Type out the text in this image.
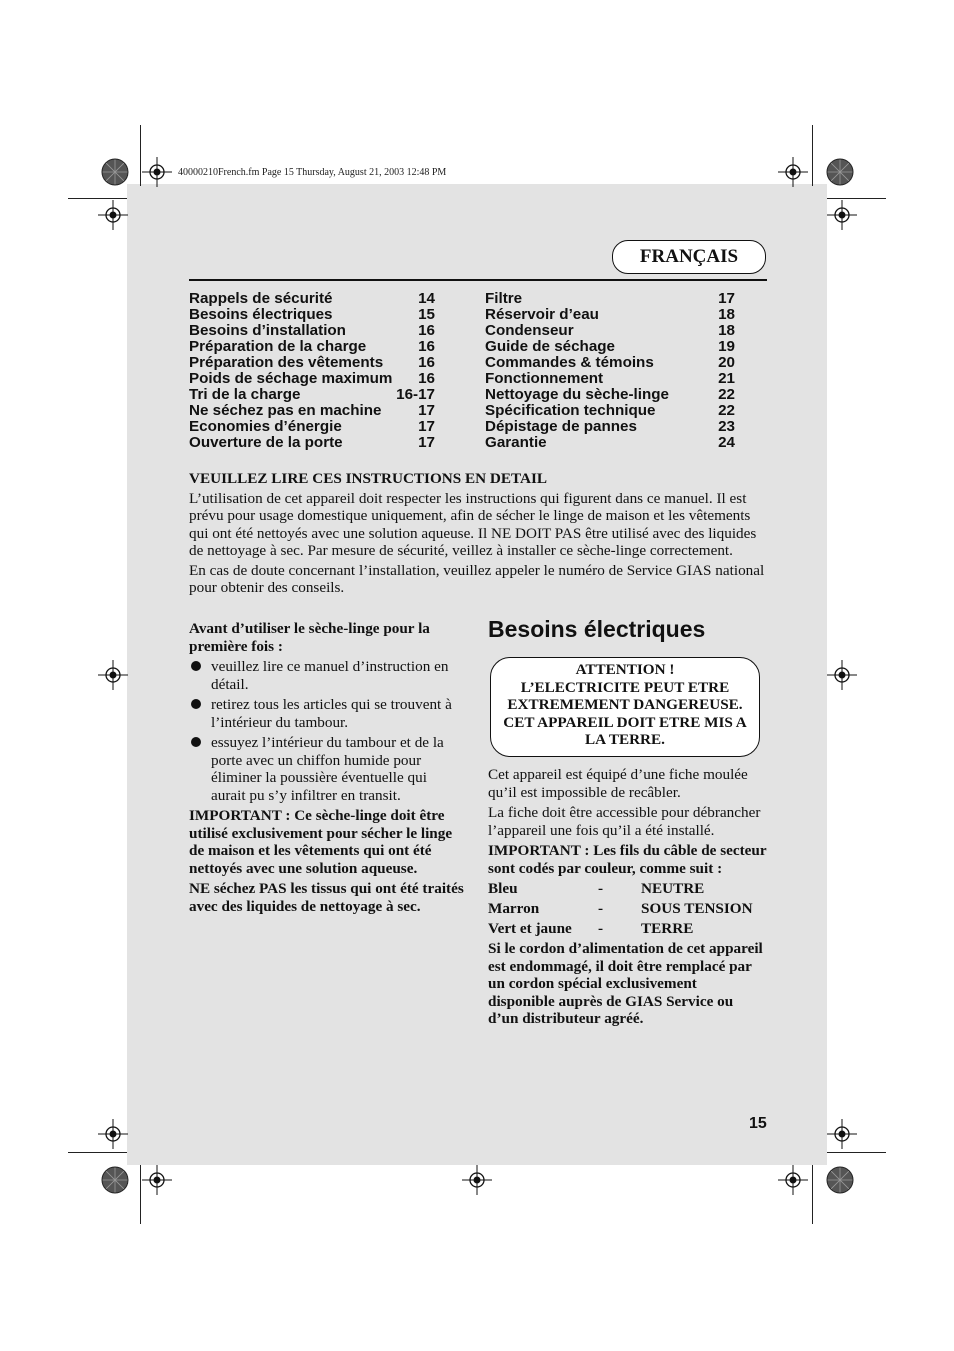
40000210French.fm Page 15 Thursday, August 21, 2003 12:48 PM
FRANÇAIS
Rappels de sécurité	14
Besoins électriques	15
Besoins d’installation	16
Préparation de la charge	16
Préparation des vêtements 16
Poids de séchage maximum 16
Tri de la charge	16-17
Ne séchez pas en machine 17
Economies d’énergie	17
Ouverture de la porte	17
Filtre	17
Réservoir d’eau	18
Condenseur	18
Guide de séchage	19
Commandes & témoins	20
Fonctionnement	21
Nettoyage du sèche-linge	22
Spécification technique	22
Dépistage de pannes	23
Garantie	24

VEUILLEZ LIRE CES INSTRUCTIONS EN DETAIL

L’utilisation de cet appareil doit respecter les instructions qui figurent dans ce manuel. Il est prévu pour usage domestique uniquement, afin de sécher le linge de maison et les vêtements qui ont été nettoyés avec une solution aqueuse. Il NE DOIT PAS être utilisé avec des liquides de nettoyage à sec. Par mesure de sécurité, veillez à installer ce sèche-linge correctement.

En cas de doute concernant l’installation, veuillez appeler le numéro de Service GIAS national pour obtenir des conseils.

Avant d’utiliser le sèche-linge pour la première fois :

veuillez lire ce manuel d’instruction en détail.
retirez tous les articles qui se trouvent à l’intérieur du tambour.
essuyez l’intérieur du tambour et de la porte avec un chiffon humide pour éliminer la poussière éventuelle qui aurait pu s’y infiltrer en transit.

IMPORTANT : Ce sèche-linge doit être utilisé exclusivement pour sécher le linge de maison et les vêtements qui ont été nettoyés avec une solution aqueuse.

NE séchez PAS les tissus qui ont été traités avec des liquides de nettoyage à sec.

Besoins électriques
ATTENTION !
L’ELECTRICITE PEUT ETRE
EXTREMEMENT DANGEREUSE.
CET APPAREIL DOIT ETRE MIS A
LA TERRE.

Cet appareil est équipé d’une fiche moulée qu’il est impossible de recâbler.

La fiche doit être accessible pour débrancher l’appareil une fois qu’il a été installé.

IMPORTANT : Les fils du câble de secteur sont codés par couleur, comme suit :

Bleu	- NEUTRE
Marron	- SOUS TENSION
Vert et jaune - TERRE

Si le cordon d’alimentation de cet appareil est endommagé, il doit être remplacé par un cordon spécial exclusivement disponible auprès de GIAS Service ou d’un distributeur agréé.

15
